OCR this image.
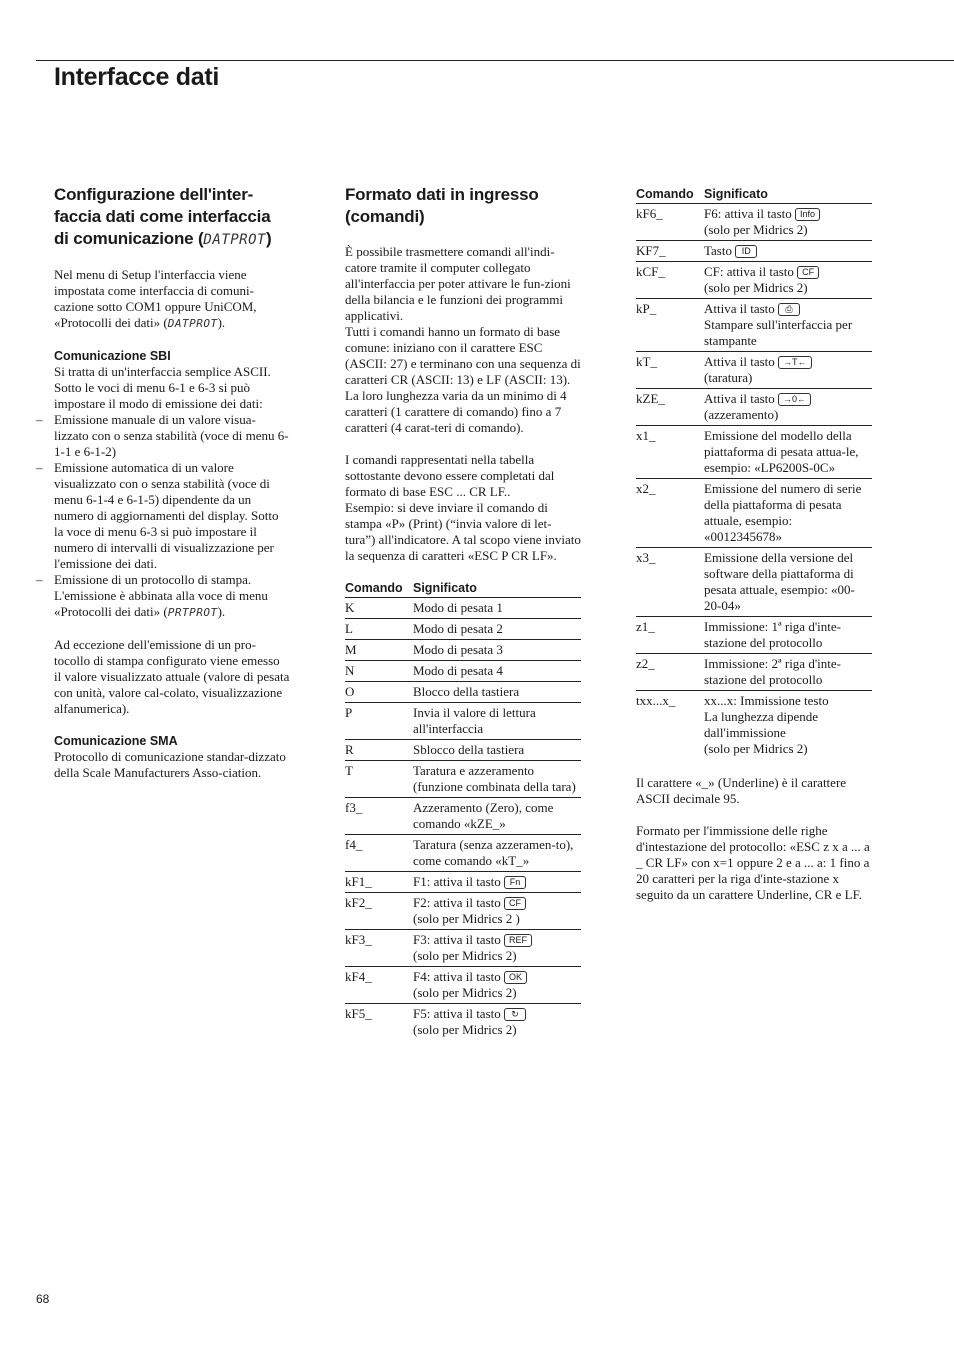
Interfacce dati
Configurazione dell'inter-
faccia dati come interfaccia
di comunicazione (DATPROT)

Nel menu di Setup l'interfaccia viene impostata come interfaccia di comuni-cazione sotto COM1 oppure UniCOM, «Protocolli dei dati» (DATPROT).

Comunicazione SBI

Si tratta di un'interfaccia semplice ASCII.

Sotto le voci di menu 6-1 e 6-3 si può impostare il modo di emissione dei dati:

– Emissione manuale di un valore visua-lizzato con o senza stabilità (voce di menu 6-1-1 e 6-1-2)
– Emissione automatica di un valore visualizzato con o senza stabilità (voce di menu 6-1-4 e 6-1-5) dipendente da un numero di aggiornamenti del display. Sotto la voce di menu 6-3 si può impostare il numero di intervalli di visualizzazione per l'emissione dei dati.
– Emissione di un protocollo di stampa. L'emissione è abbinata alla voce di menu «Protocolli dei dati» (PRTPROT).

Ad eccezione dell'emissione di un pro-tocollo di stampa configurato viene emesso il valore visualizzato attuale (valore di pesata con unità, valore cal-colato, visualizzazione alfanumerica).

Comunicazione SMA

Protocollo di comunicazione standar-dizzato della Scale Manufacturers Asso-ciation.

Formato dati in ingresso
(comandi)

È possibile trasmettere comandi all'indi-catore tramite il computer collegato all'interfaccia per poter attivare le fun-zioni della bilancia e le funzioni dei programmi applicativi.

Tutti i comandi hanno un formato di base comune: iniziano con il carattere ESC (ASCII: 27) e terminano con una sequenza di caratteri CR (ASCII: 13) e LF (ASCII: 13). La loro lunghezza varia da un minimo di 4 caratteri (1 carattere di comando) fino a 7 caratteri (4 carat-teri di comando).

I comandi rappresentati nella tabella sottostante devono essere completati dal formato di base ESC ... CR LF..

Esempio: si deve inviare il comando di stampa «P» (Print) (“invia valore di let-tura”) all'indicatore. A tal scopo viene inviato la sequenza di caratteri «ESC P CR LF».

Comando	Significato
K	Modo di pesata 1
L	Modo di pesata 2
M	Modo di pesata 3
N	Modo di pesata 4
O	Blocco della tastiera
P	Invia il valore di lettura all'interfaccia
R	Sblocco della tastiera
T	Taratura e azzeramento (funzione combinata della tara)
f3_	Azzeramento (Zero), come comando «kZE_»
f4_	Taratura (senza azzeramen-to), come comando «kT_»
kF1_	F1: attiva il tasto Fn
kF2_	F2: attiva il tasto CF
(solo per Midrics 2 )
kF3_	F3: attiva il tasto REF
(solo per Midrics 2)
kF4_	F4: attiva il tasto OK
(solo per Midrics 2)
kF5_	F5: attiva il tasto ↻
(solo per Midrics 2)
Comando	Significato
kF6_	F6: attiva il tasto Info
(solo per Midrics 2)
KF7_	Tasto ID
kCF_	CF: attiva il tasto CF
(solo per Midrics 2)
kP_	Attiva il tasto ⎙
Stampare sull'interfaccia per stampante
kT_	Attiva il tasto →T←
(taratura)
kZE_	Attiva il tasto →0←
(azzeramento)
x1_	Emissione del modello della piattaforma di pesata attua-le, esempio: «LP6200S-0C»
x2_	Emissione del numero di serie della piattaforma di pesata attuale, esempio: «0012345678»
x3_	Emissione della versione del software della piattaforma di pesata attuale, esempio: «00-20-04»
z1_	Immissione: 1ª riga d'inte-stazione del protocollo
z2_	Immissione: 2ª riga d'inte-stazione del protocollo
txx...x_	xx...x: Immissione testo
La lunghezza dipende dall'immissione
(solo per Midrics 2)

Il carattere «_» (Underline) è il carattere ASCII decimale 95.

Formato per l'immissione delle righe d'intestazione del protocollo: «ESC z x a ... a _ CR LF» con x=1 oppure 2 e a ... a: 1 fino a 20 caratteri per la riga d'inte-stazione x seguito da un carattere Underline, CR e LF.

68
